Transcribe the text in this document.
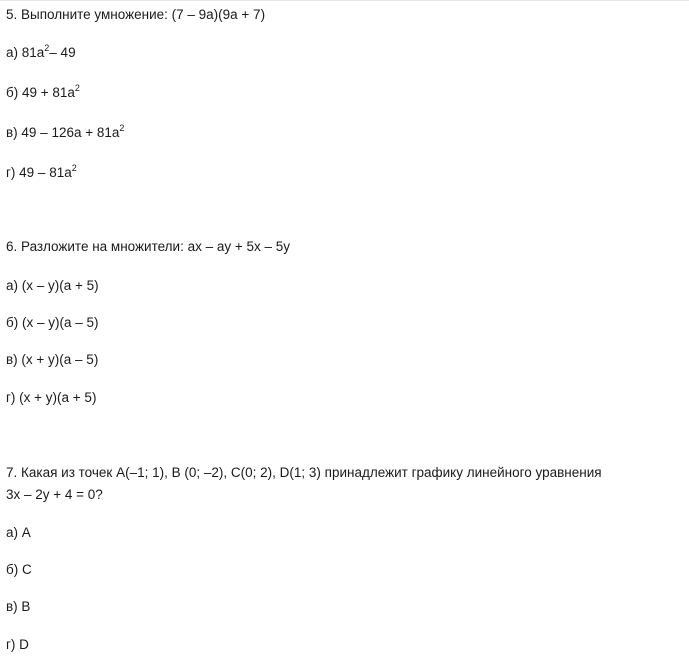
5. Выполните умножение: (7 – 9a)(9a + 7)
а) $81a^2-$ 49
б) $49 + 81a^2$
в) $49 - 126a + 81a^2$
г) $49 - 81a^2$
6. Разложите на множители: ax – ay + 5x – 5y
а) (x – y)(a + 5)
б) (x – y)(a – 5)
в) (x + y)(a – 5)
г) (x + y)(a + 5)
7. Какая из точек A(–1; 1), B (0; –2), C(0; 2), D(1; 3) принадлежит графику линейного уравнения
3x – 2y + 4 = 0?
а) A
б) C
в) B
г) D
